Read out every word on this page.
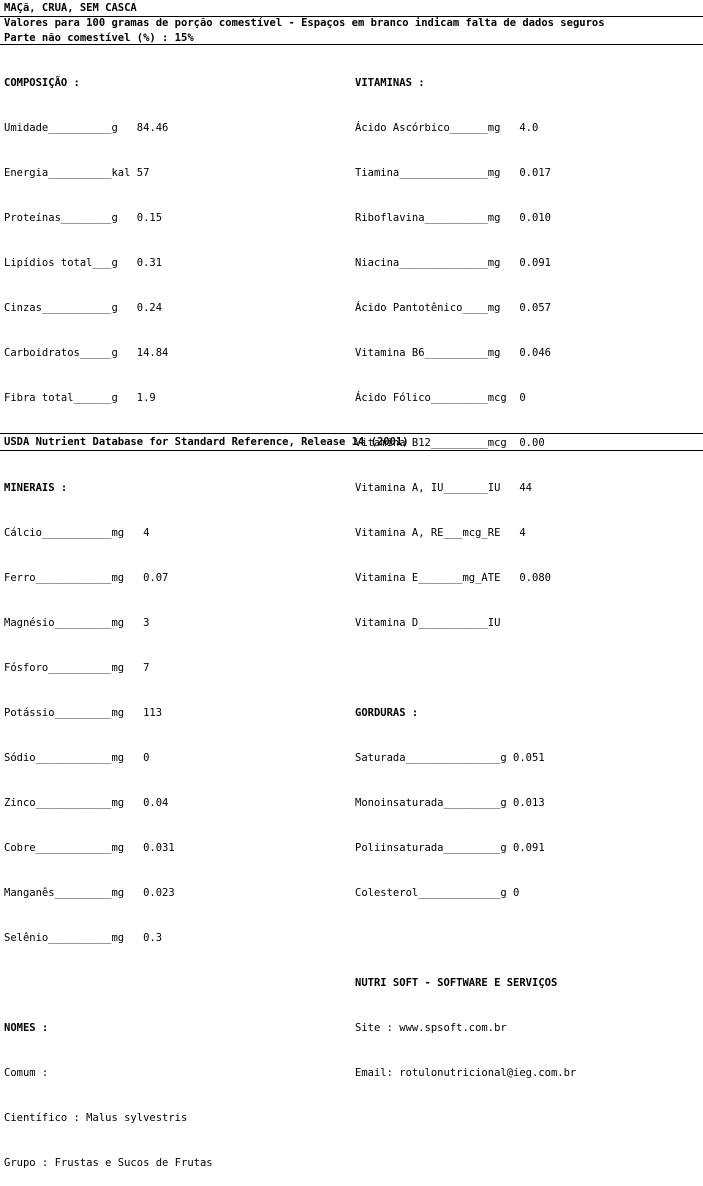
MAÇã, CRUA, SEM CASCA
Valores para 100 gramas de porção comestível - Espaços em branco indicam falta de dados seguros
Parte não comestível (%) : 15%

COMPOSIÇÃO :

Umidade__________g   84.46

Energia__________kal 57

Proteínas________g   0.15

Lipídios total___g   0.31

Cinzas___________g   0.24

Carboidratos_____g   14.84

Fibra total______g   1.9

MINERAIS :

Cálcio___________mg   4

Ferro____________mg   0.07

Magnésio_________mg   3

Fósforo__________mg   7

Potássio_________mg   113

Sódio____________mg   0

Zinco____________mg   0.04

Cobre____________mg   0.031

Manganês_________mg   0.023

Selênio__________mg   0.3

NOMES :

Comum :

Científico : Malus sylvestris

Grupo : Frustas e Sucos de Frutas

VITAMINAS :

Ácido Ascórbico______mg   4.0

Tiamina______________mg   0.017

Riboflavina__________mg   0.010

Niacina______________mg   0.091

Ácido Pantotênico____mg   0.057

Vitamina B6__________mg   0.046

Ácido Fólico_________mcg  0

Vitamina B12_________mcg  0.00

Vitamina A, IU_______IU   44

Vitamina A, RE___mcg_RE   4

Vitamina E_______mg_ATE   0.080

Vitamina D___________IU

GORDURAS :

Saturada_______________g 0.051

Monoinsaturada_________g 0.013

Poliinsaturada_________g 0.091

Colesterol_____________g 0

NUTRI SOFT - SOFTWARE E SERVIÇOS

Site : www.spsoft.com.br

Email: rotulonutricional@ieg.com.br

USDA Nutrient Database for Standard Reference, Release 14 (2001)
